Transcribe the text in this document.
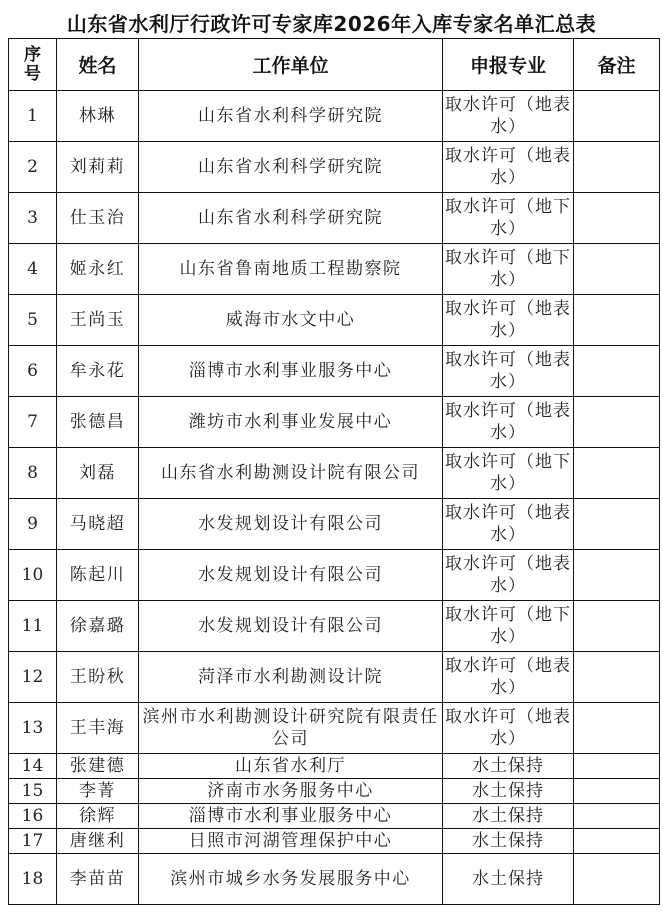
山东省水利厅行政许可专家库2026年入库专家名单汇总表
序号	姓名	工作单位	申报专业	备注
1	林琳	山东省水利科学研究院	取水许可（地表水）	
2	刘莉莉	山东省水利科学研究院	取水许可（地表水）	
3	仕玉治	山东省水利科学研究院	取水许可（地下水）	
4	姬永红	山东省鲁南地质工程勘察院	取水许可（地下水）	
5	王尚玉	威海市水文中心	取水许可（地表水）	
6	牟永花	淄博市水利事业服务中心	取水许可（地表水）	
7	张德昌	潍坊市水利事业发展中心	取水许可（地表水）	
8	刘磊	山东省水利勘测设计院有限公司	取水许可（地下水）	
9	马晓超	水发规划设计有限公司	取水许可（地表水）	
10	陈起川	水发规划设计有限公司	取水许可（地表水）	
11	徐嘉璐	水发规划设计有限公司	取水许可（地下水）	
12	王盼秋	菏泽市水利勘测设计院	取水许可（地表水）	
13	王丰海	滨州市水利勘测设计研究院有限责任公司	取水许可（地表水）	
14	张建德	山东省水利厅	水土保持	
15	李菁	济南市水务服务中心	水土保持	
16	徐辉	淄博市水利事业服务中心	水土保持	
17	唐继利	日照市河湖管理保护中心	水土保持	
18	李苗苗	滨州市城乡水务发展服务中心	水土保持	
